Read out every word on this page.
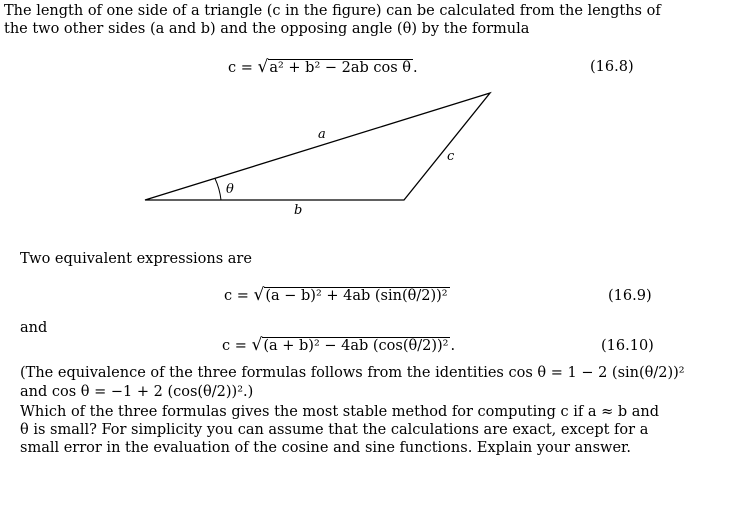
The length of one side of a triangle (c in the figure) can be calculated from the lengths of
the two other sides (a and b) and the opposing angle (θ) by the formula
c = √a² + b² − 2ab cos θ .	(16.8)
a
b
c
θ
Two equivalent expressions are
c = √(a − b)² + 4ab (sin(θ/2))²	(16.9)
and
c = √(a + b)² − 4ab (cos(θ/2))² .	(16.10)
(The equivalence of the three formulas follows from the identities cos θ = 1 − 2 (sin(θ/2))²
and cos θ = −1 + 2 (cos(θ/2))².)
Which of the three formulas gives the most stable method for computing c if a ≈ b and
θ is small? For simplicity you can assume that the calculations are exact, except for a
small error in the evaluation of the cosine and sine functions. Explain your answer.
